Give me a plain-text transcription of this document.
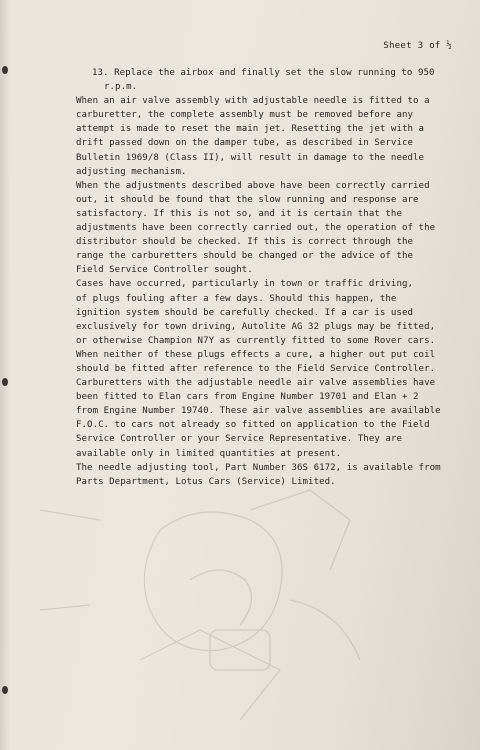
Sheet 3 of ½
13. Replace the airbox and finally set the slow running to 950
r.p.m.
When an air valve assembly with adjustable needle is fitted to a
carburetter, the complete assembly must be removed before any
attempt is made to reset the main jet. Resetting the jet with a
drift passed down on the damper tube, as described in Service
Bulletin 1969/8 (Class II), will result in damage to the needle
adjusting mechanism.
When the adjustments described above have been correctly carried
out, it should be found that the slow running and response are
satisfactory. If this is not so, and it is certain that the
adjustments have been correctly carried out, the operation of the
distributor should be checked. If this is correct through the
range the carburetters should be changed or the advice of the
Field Service Controller sought.
Cases have occurred, particularly in town or traffic driving,
of plugs fouling after a few days. Should this happen, the
ignition system should be carefully checked. If a car is used
exclusively for town driving, Autolite AG 32 plugs may be fitted,
or otherwise Champion N7Y as currently fitted to some Rover cars.
When neither of these plugs effects a cure, a higher out put coil
should be fitted after reference to the Field Service Controller.
Carburetters with the adjustable needle air valve assemblies have
been fitted to Elan cars from Engine Number 19701 and Elan + 2
from Engine Number 19740. These air valve assemblies are available
F.O.C. to cars not already so fitted on application to the Field
Service Controller or your Service Representative. They are
available only in limited quantities at present.
The needle adjusting tool, Part Number 36S 6172, is available from
Parts Department, Lotus Cars (Service) Limited.
